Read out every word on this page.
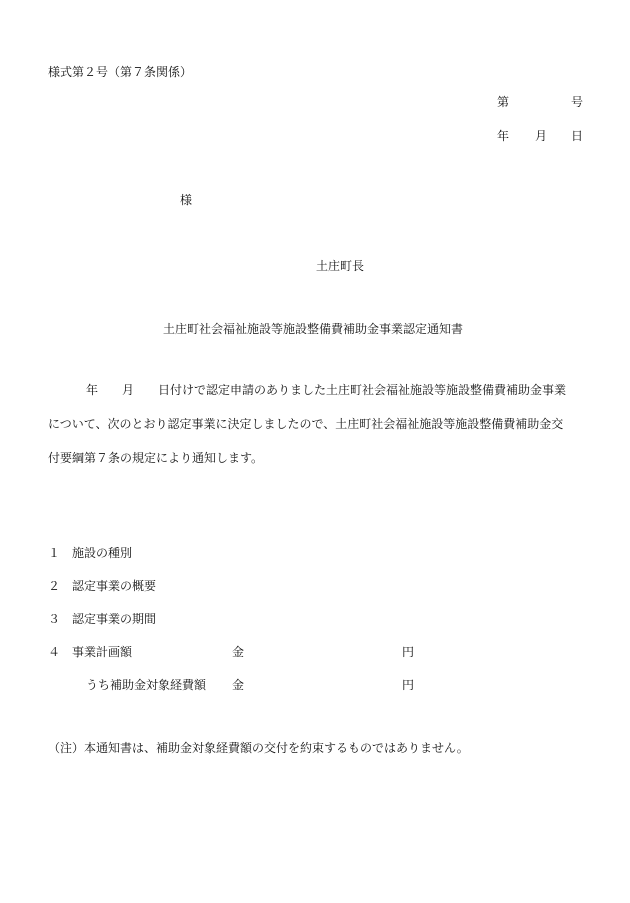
様式第２号（第７条関係）
第	号
年 月 日
様
土庄町長
土庄町社会福祉施設等施設整備費補助金事業認定通知書
年 月 日付けで認定申請のありました土庄町社会福祉施設等施設整備費補助金事業
について、次のとおり認定事業に決定しましたので、土庄町社会福祉施設等施設整備費補助金交
付要綱第７条の規定により通知します。
１ 施設の種別
２ 認定事業の概要
３ 認定事業の期間
４ 事業計画額	金	円
うち補助金対象経費額 金	円
（注）本通知書は、補助金対象経費額の交付を約束するものではありません。
